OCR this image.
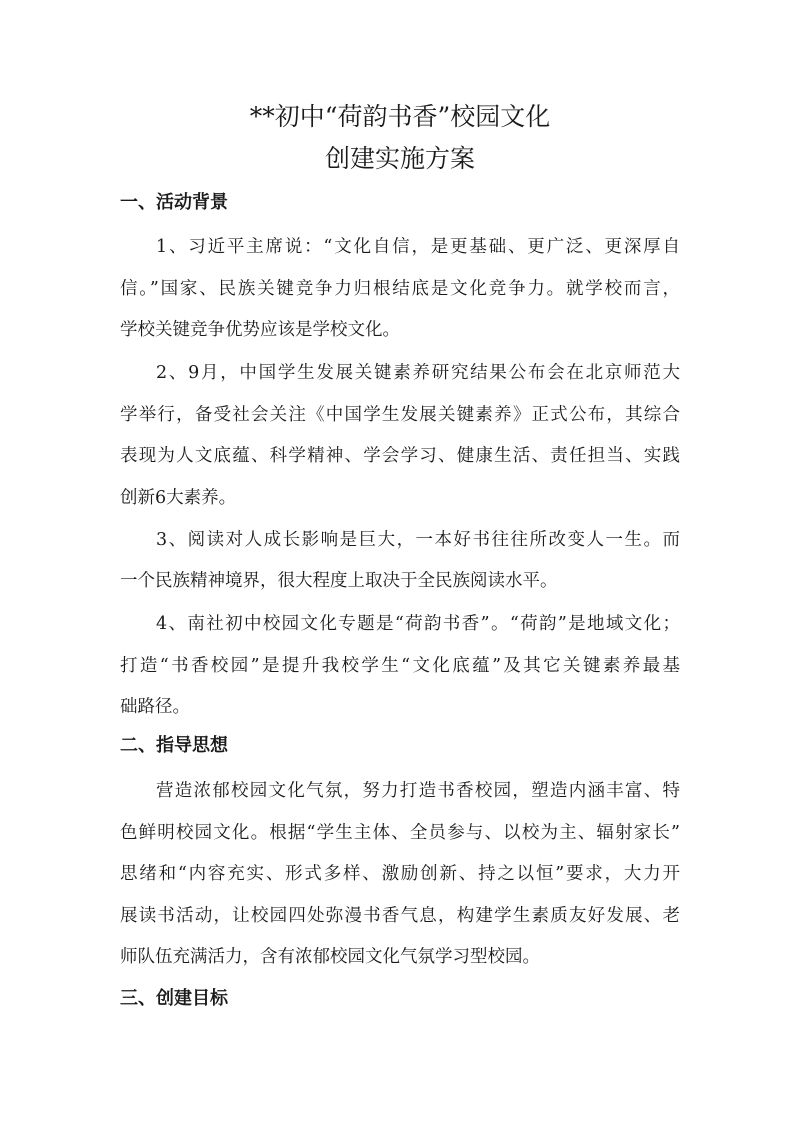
**初中“荷韵书香”校园文化
创建实施方案
一、活动背景
1、习近平主席说：“文化自信，是更基础、更广泛、更深厚自
信。”国家、民族关键竞争力归根结底是文化竞争力。就学校而言，
学校关键竞争优势应该是学校文化。
2、9月，中国学生发展关键素养研究结果公布会在北京师范大
学举行，备受社会关注《中国学生发展关键素养》正式公布，其综合
表现为人文底蕴、科学精神、学会学习、健康生活、责任担当、实践
创新6大素养。
3、阅读对人成长影响是巨大，一本好书往往所改变人一生。而
一个民族精神境界，很大程度上取决于全民族阅读水平。
4、南社初中校园文化专题是“荷韵书香”。“荷韵”是地域文化；
打造“书香校园”是提升我校学生“文化底蕴”及其它关键素养最基
础路径。
二、指导思想
营造浓郁校园文化气氛，努力打造书香校园，塑造内涵丰富、特
色鲜明校园文化。根据“学生主体、全员参与、以校为主、辐射家长”
思绪和“内容充实、形式多样、激励创新、持之以恒”要求，大力开
展读书活动，让校园四处弥漫书香气息，构建学生素质友好发展、老
师队伍充满活力，含有浓郁校园文化气氛学习型校园。
三、创建目标
